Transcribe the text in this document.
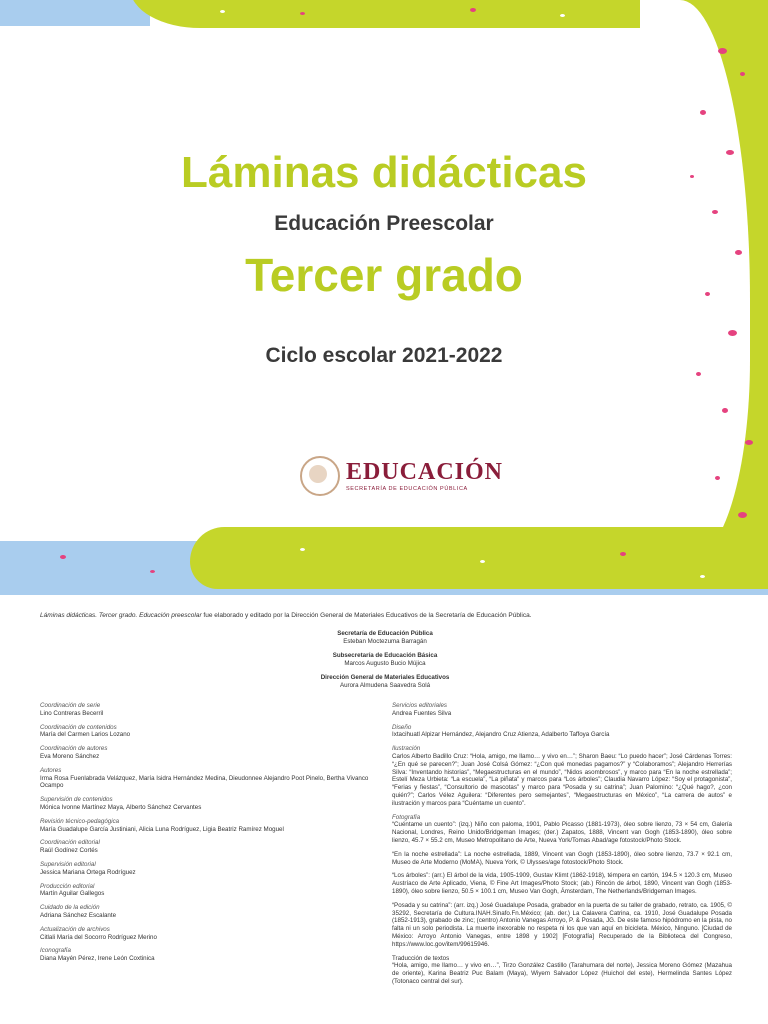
Láminas didácticas
Educación Preescolar
Tercer grado
Ciclo escolar 2021-2022
EDUCACIÓN
SECRETARÍA DE EDUCACIÓN PÚBLICA
Láminas didácticas. Tercer grado. Educación preescolar fue elaborado y editado por la Dirección General de Materiales Educativos de la Secretaría de Educación Pública.
Secretaría de Educación Pública
Esteban Moctezuma Barragán
Subsecretaría de Educación Básica
Marcos Augusto Bucio Mújica
Dirección General de Materiales Educativos
Aurora Almudena Saavedra Solá
Coordinación de serie
Lino Contreras Becerril
Coordinación de contenidos
María del Carmen Larios Lozano
Coordinación de autores
Eva Moreno Sánchez
Autores
Irma Rosa Fuenlabrada Velázquez, María Isidra Hernández Medina, Dieudonnee Alejandro Poot Pinelo, Bertha Vivanco Ocampo
Supervisión de contenidos
Mónica Ivonne Martínez Maya, Alberto Sánchez Cervantes
Revisión técnico-pedagógica
María Guadalupe García Justiniani, Alicia Luna Rodríguez, Ligia Beatriz Ramírez Moguel
Coordinación editorial
Raúl Godínez Cortés
Supervisión editorial
Jessica Mariana Ortega Rodríguez
Producción editorial
Martín Aguilar Gallegos
Cuidado de la edición
Adriana Sánchez Escalante
Actualización de archivos
Citlali María del Socorro Rodríguez Merino
Iconografía
Diana Mayén Pérez, Irene León Coxtinica
Servicios editoriales
Andrea Fuentes Silva
Diseño
Ixtacihuatl Alpizar Hernández, Alejandro Cruz Atienza, Adalberto Taffoya García
Ilustración
Carlos Alberto Badillo Cruz: “Hola, amigo, me llamo… y vivo en…”; Sharon Baeu: “Lo puedo hacer”; José Cárdenas Torres: “¿En qué se parecen?”; Juan José Colsá Gómez: “¿Con qué monedas pagamos?” y “Colaboramos”; Alejandro Herrerías Silva: “Inventando historias”, “Megaestructuras en el mundo”, “Nidos asombrosos”, y marco para “En la noche estrellada”; Estelí Meza Urbieta: “La escuela”, “La piñata” y marcos para “Los árboles”; Claudia Navarro López: “Soy el protagonista”, “Ferias y fiestas”, “Consultorio de mascotas” y marco para “Posada y su catrina”; Juan Palomino: “¿Qué hago?, ¿con quién?”; Carlos Vélez Aguilera: “Diferentes pero semejantes”, “Megaestructuras en México”, “La carrera de autos” e ilustración y marcos para “Cuéntame un cuento”.
Fotografía
“Cuéntame un cuento”: (izq.) Niño con paloma, 1901, Pablo Picasso (1881-1973), óleo sobre lienzo, 73 × 54 cm, Galería Nacional, Londres, Reino Unido/Bridgeman Images; (der.) Zapatos, 1888, Vincent van Gogh (1853-1890), óleo sobre lienzo, 45.7 × 55.2 cm, Museo Metropolitano de Arte, Nueva York/Tomas Abad/age fotostock/Photo Stock.
“En la noche estrellada”: La noche estrellada, 1889, Vincent van Gogh (1853-1890), óleo sobre lienzo, 73.7 × 92.1 cm, Museo de Arte Moderno (MoMA), Nueva York, © Ulysses/age fotostock/Photo Stock.
“Los árboles”: (arr.) El árbol de la vida, 1905-1909, Gustav Klimt (1862-1918), témpera en cartón, 194.5 × 120.3 cm, Museo Austríaco de Arte Aplicado, Viena, © Fine Art Images/Photo Stock; (ab.) Rincón de árbol, 1890, Vincent van Gogh (1853-1890), óleo sobre lienzo, 50.5 × 100.1 cm, Museo Van Gogh, Ámsterdam, The Netherlands/Bridgeman Images.
“Posada y su catrina”: (arr. izq.) José Guadalupe Posada, grabador en la puerta de su taller de grabado, retrato, ca. 1905, © 35292, Secretaría de Cultura.INAH.Sinafo.Fn.México; (ab. der.) La Calavera Catrina, ca. 1910, José Guadalupe Posada (1852-1913), grabado de zinc; (centro) Antonio Vanegas Arroyo, P. & Posada, JG. De este famoso hipódromo en la pista, no falta ni un solo periodista. La muerte inexorable no respeta ni los que van aquí en bicicleta. México, Ninguno. [Ciudad de México: Arroyo Antonio Vanegas, entre 1898 y 1902] [Fotografía] Recuperado de la Biblioteca del Congreso, https://www.loc.gov/item/99615946.
Traducción de textos
“Hola, amigo, me llamo… y vivo en…”, Tirzo González Castillo (Tarahumara del norte), Jessica Moreno Gómez (Mazahua de oriente), Karina Beatriz Puc Balam (Maya), Wiyem Salvador López (Huichol del este), Hermelinda Santes López (Totonaco central del sur).
